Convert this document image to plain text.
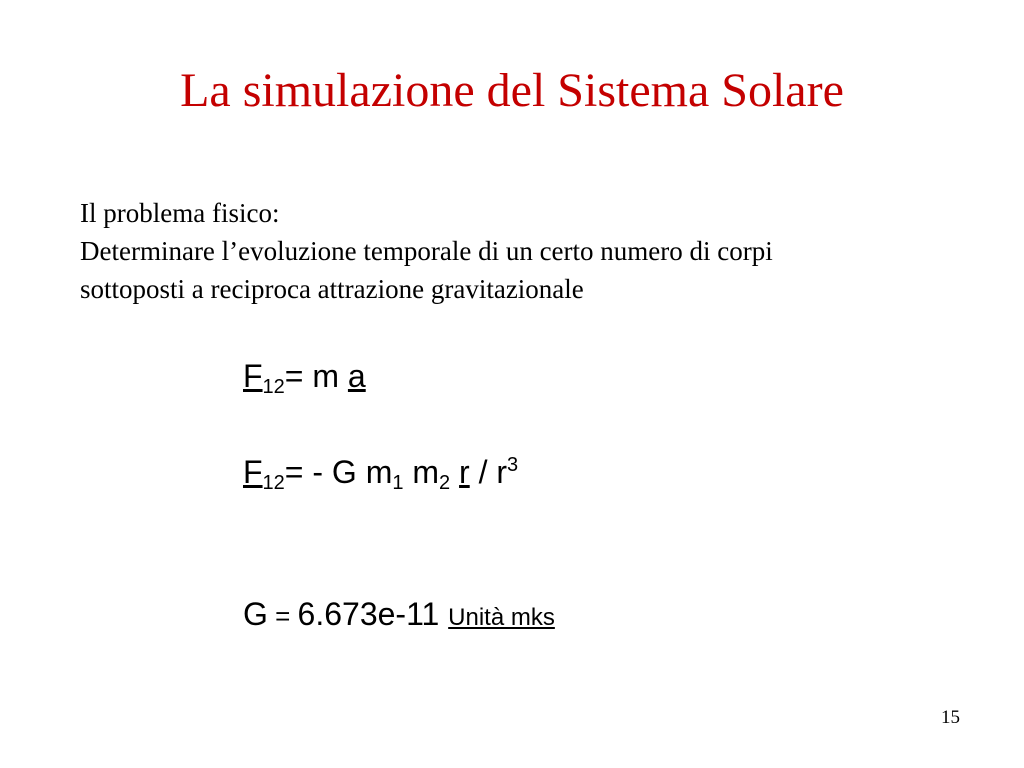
La simulazione del Sistema Solare
Il problema fisico:
Determinare l’evoluzione temporale di un certo numero di corpi
sottoposti a reciproca attrazione gravitazionale
$F_{12}= m$ a
$F_{12}= - G$ $m_1$ $m_2$ r / $r^3$
G = 6.673e-11 Unità mks
15
